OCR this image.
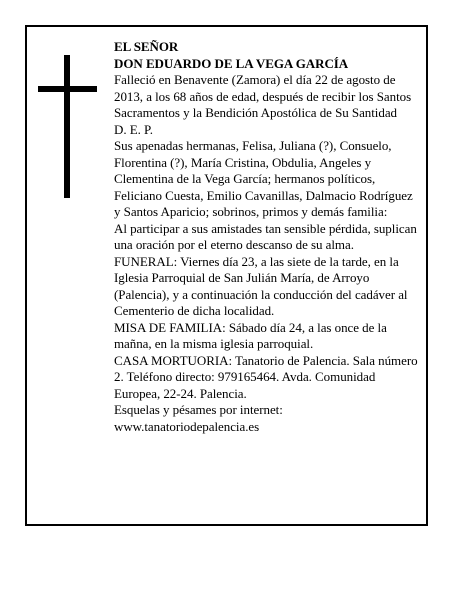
EL SEÑOR

DON EDUARDO DE LA VEGA GARCÍA

Falleció en Benavente (Zamora) el día 22 de agosto de 2013, a los 68 años de edad, después de recibir los Santos Sacramentos y la Bendición Apostólica de Su Santidad

D. E. P.

Sus apenadas hermanas, Felisa, Juliana (?), Consuelo, Florentina (?), María Cristina, Obdulia, Angeles y Clementina de la Vega García; hermanos políticos, Feliciano Cuesta, Emilio Cavanillas, Dalmacio Rodríguez y Santos Aparicio; sobrinos, primos y demás familia:

Al participar a sus amistades tan sensible pérdida, suplican una oración por el eterno descanso de su alma.

FUNERAL: Viernes día 23, a las siete de la tarde, en la Iglesia Parroquial de San Julián María, de Arroyo (Palencia), y a continuación la conducción del cadáver al Cementerio de dicha localidad.

MISA DE FAMILIA: Sábado día 24, a las once de la mañna, en la misma iglesia parroquial.

CASA MORTUORIA: Tanatorio de Palencia. Sala número 2. Teléfono directo: 979165464. Avda. Comunidad Europea, 22-24. Palencia.

Esquelas y pésames por internet:

www.tanatoriodepalencia.es
